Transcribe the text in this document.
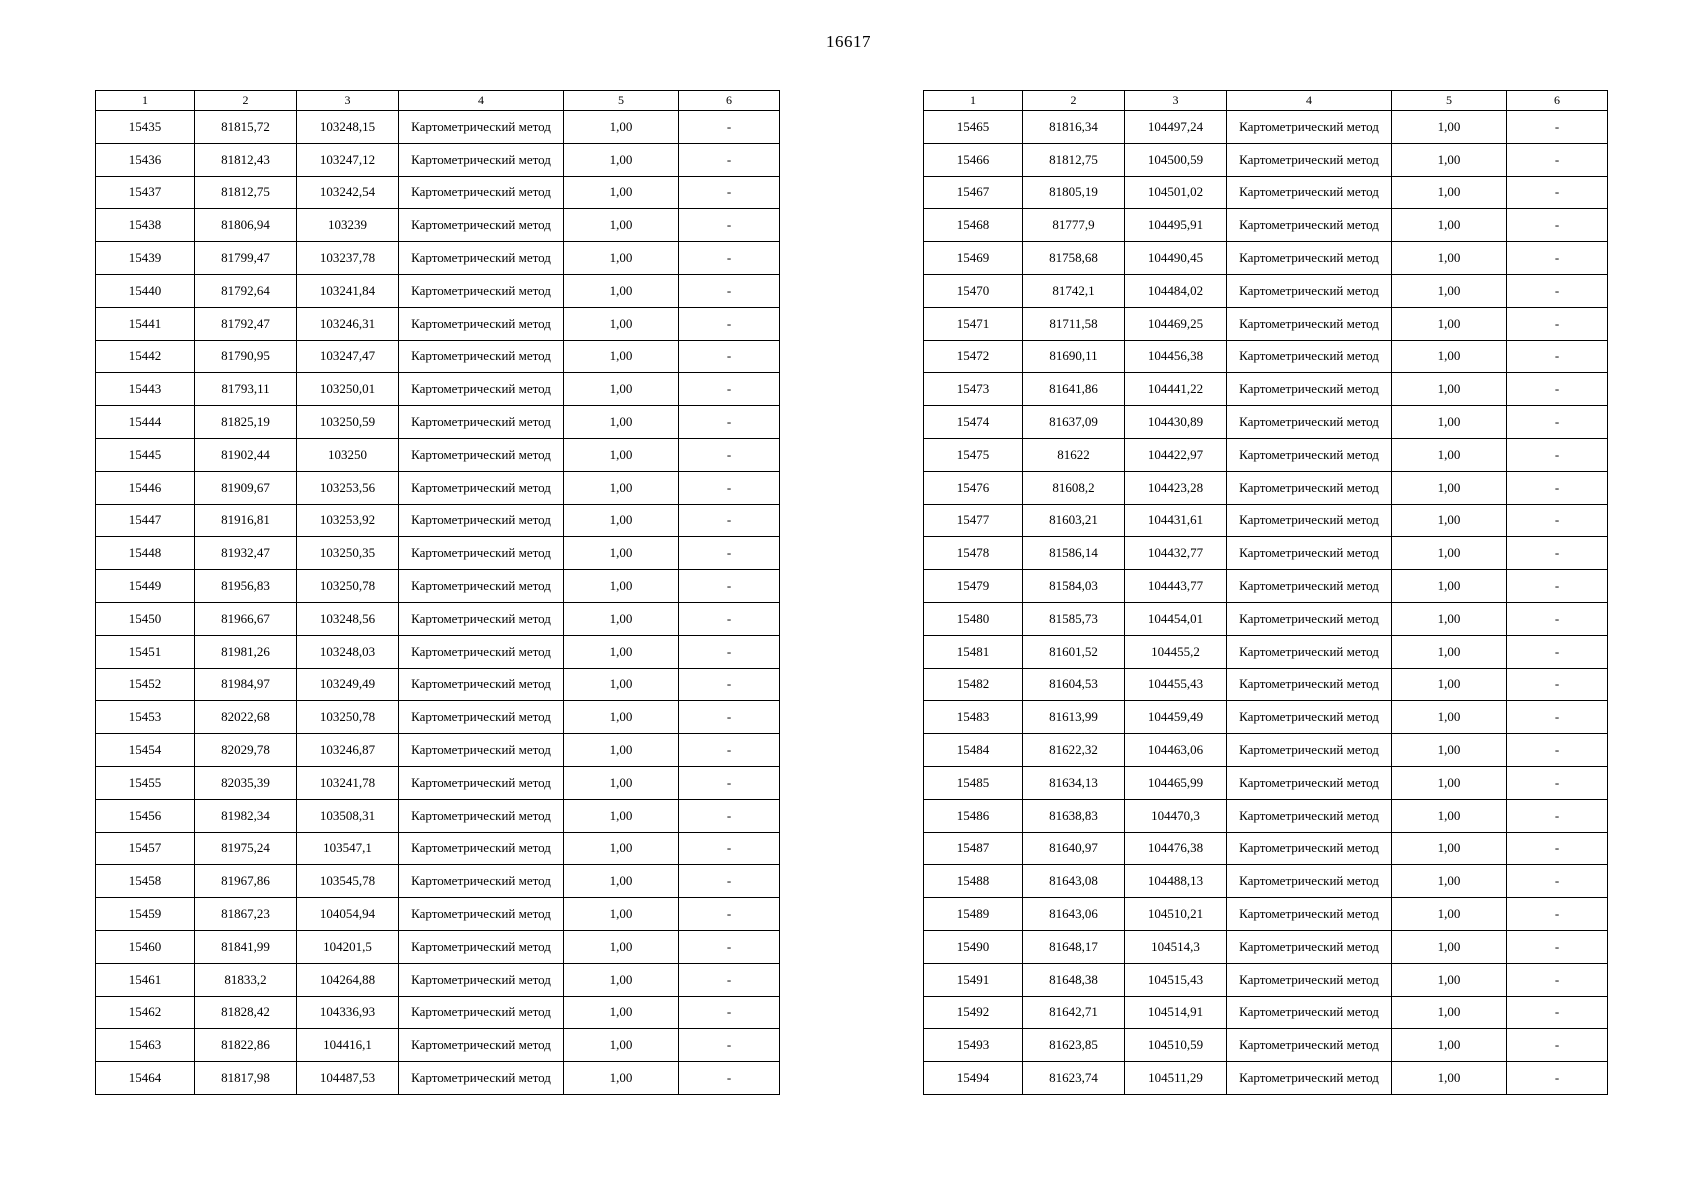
16617
1	2	3	4	5	6
15435	81815,72	103248,15	Картометрический метод	1,00	-
15436	81812,43	103247,12	Картометрический метод	1,00	-
15437	81812,75	103242,54	Картометрический метод	1,00	-
15438	81806,94	103239	Картометрический метод	1,00	-
15439	81799,47	103237,78	Картометрический метод	1,00	-
15440	81792,64	103241,84	Картометрический метод	1,00	-
15441	81792,47	103246,31	Картометрический метод	1,00	-
15442	81790,95	103247,47	Картометрический метод	1,00	-
15443	81793,11	103250,01	Картометрический метод	1,00	-
15444	81825,19	103250,59	Картометрический метод	1,00	-
15445	81902,44	103250	Картометрический метод	1,00	-
15446	81909,67	103253,56	Картометрический метод	1,00	-
15447	81916,81	103253,92	Картометрический метод	1,00	-
15448	81932,47	103250,35	Картометрический метод	1,00	-
15449	81956,83	103250,78	Картометрический метод	1,00	-
15450	81966,67	103248,56	Картометрический метод	1,00	-
15451	81981,26	103248,03	Картометрический метод	1,00	-
15452	81984,97	103249,49	Картометрический метод	1,00	-
15453	82022,68	103250,78	Картометрический метод	1,00	-
15454	82029,78	103246,87	Картометрический метод	1,00	-
15455	82035,39	103241,78	Картометрический метод	1,00	-
15456	81982,34	103508,31	Картометрический метод	1,00	-
15457	81975,24	103547,1	Картометрический метод	1,00	-
15458	81967,86	103545,78	Картометрический метод	1,00	-
15459	81867,23	104054,94	Картометрический метод	1,00	-
15460	81841,99	104201,5	Картометрический метод	1,00	-
15461	81833,2	104264,88	Картометрический метод	1,00	-
15462	81828,42	104336,93	Картометрический метод	1,00	-
15463	81822,86	104416,1	Картометрический метод	1,00	-
15464	81817,98	104487,53	Картометрический метод	1,00	-
1	2	3	4	5	6
15465	81816,34	104497,24	Картометрический метод	1,00	-
15466	81812,75	104500,59	Картометрический метод	1,00	-
15467	81805,19	104501,02	Картометрический метод	1,00	-
15468	81777,9	104495,91	Картометрический метод	1,00	-
15469	81758,68	104490,45	Картометрический метод	1,00	-
15470	81742,1	104484,02	Картометрический метод	1,00	-
15471	81711,58	104469,25	Картометрический метод	1,00	-
15472	81690,11	104456,38	Картометрический метод	1,00	-
15473	81641,86	104441,22	Картометрический метод	1,00	-
15474	81637,09	104430,89	Картометрический метод	1,00	-
15475	81622	104422,97	Картометрический метод	1,00	-
15476	81608,2	104423,28	Картометрический метод	1,00	-
15477	81603,21	104431,61	Картометрический метод	1,00	-
15478	81586,14	104432,77	Картометрический метод	1,00	-
15479	81584,03	104443,77	Картометрический метод	1,00	-
15480	81585,73	104454,01	Картометрический метод	1,00	-
15481	81601,52	104455,2	Картометрический метод	1,00	-
15482	81604,53	104455,43	Картометрический метод	1,00	-
15483	81613,99	104459,49	Картометрический метод	1,00	-
15484	81622,32	104463,06	Картометрический метод	1,00	-
15485	81634,13	104465,99	Картометрический метод	1,00	-
15486	81638,83	104470,3	Картометрический метод	1,00	-
15487	81640,97	104476,38	Картометрический метод	1,00	-
15488	81643,08	104488,13	Картометрический метод	1,00	-
15489	81643,06	104510,21	Картометрический метод	1,00	-
15490	81648,17	104514,3	Картометрический метод	1,00	-
15491	81648,38	104515,43	Картометрический метод	1,00	-
15492	81642,71	104514,91	Картометрический метод	1,00	-
15493	81623,85	104510,59	Картометрический метод	1,00	-
15494	81623,74	104511,29	Картометрический метод	1,00	-
